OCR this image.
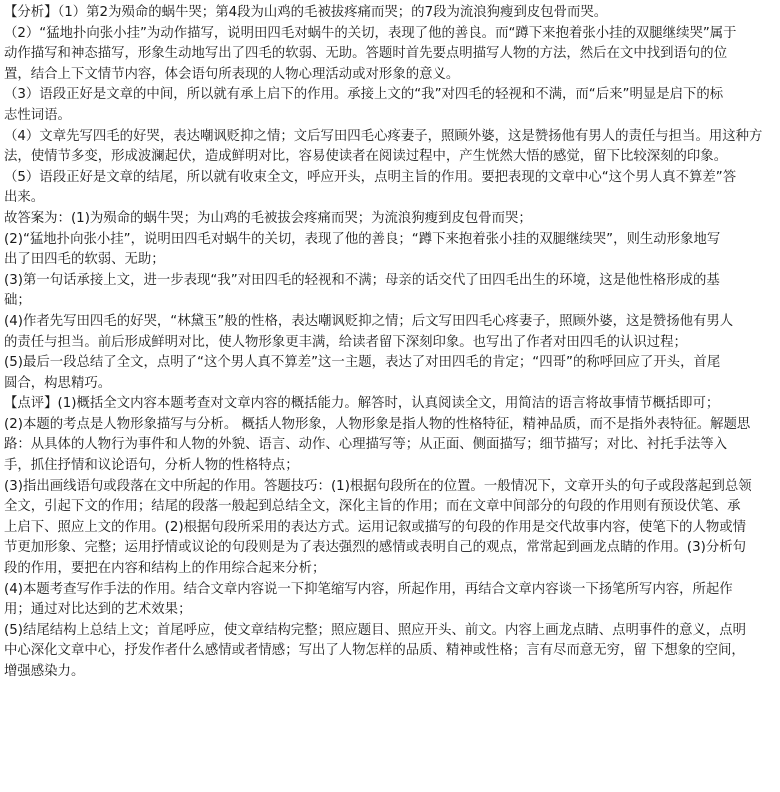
【分析】（1）第2为殒命的蜗牛哭；第4段为山鸡的毛被拔疼痛而哭；的7段为流浪狗瘦到皮包骨而哭。
（2）“猛地扑向张小挂”为动作描写，说明田四毛对蜗牛的关切，表现了他的善良。而“蹲下来抱着张小挂的双腿继续哭”属于
动作描写和神态描写，形象生动地写出了四毛的软弱、无助。答题时首先要点明描写人物的方法，然后在文中找到语句的位
置，结合上下文情节内容，体会语句所表现的人物心理活动或对形象的意义。
（3）语段正好是文章的中间，所以就有承上启下的作用。承接上文的“我”对四毛的轻视和不满，而“后来”明显是启下的标
志性词语。
（4）文章先写四毛的好哭，表达嘲讽贬抑之情；文后写田四毛心疼妻子，照顾外婆，这是赞扬他有男人的责任与担当。用这种方
法，使情节多变，形成波澜起伏，造成鲜明对比，容易使读者在阅读过程中，产生恍然大悟的感觉，留下比较深刻的印象。
（5）语段正好是文章的结尾，所以就有收束全文，呼应开头，点明主旨的作用。要把表现的文章中心“这个男人真不算差”答
出来。
故答案为：(1)为殒命的蜗牛哭；为山鸡的毛被拔会疼痛而哭；为流浪狗瘦到皮包骨而哭；
(2)“猛地扑向张小挂”，说明田四毛对蜗牛的关切，表现了他的善良；“蹲下来抱着张小挂的双腿继续哭”，则生动形象地写
出了田四毛的软弱、无助；
(3)第一句话承接上文，进一步表现“我”对田四毛的轻视和不满；母亲的话交代了田四毛出生的环境，这是他性格形成的基
础；
(4)作者先写田四毛的好哭，“林黛玉”般的性格，表达嘲讽贬抑之情；后文写田四毛心疼妻子，照顾外婆，这是赞扬他有男人
的责任与担当。前后形成鲜明对比，使人物形象更丰满，给读者留下深刻印象。也写出了作者对田四毛的认识过程；
(5)最后一段总结了全文，点明了“这个男人真不算差”这一主题，表达了对田四毛的肯定；“四哥”的称呼回应了开头，首尾
圆合，构思精巧。
【点评】(1)概括全文内容本题考查对文章内容的概括能力。解答时，认真阅读全文，用简洁的语言将故事情节概括即可；
(2)本题的考点是人物形象描写与分析。 概括人物形象，人物形象是指人物的性格特征，精神品质，而不是指外表特征。解题思
路：从具体的人物行为事件和人物的外貌、语言、动作、心理描写等；从正面、侧面描写；细节描写；对比、衬托手法等入
手，抓住抒情和议论语句，分析人物的性格特点；
(3)指出画线语句或段落在文中所起的作用。答题技巧：(1)根据句段所在的位置。一般情况下，文章开头的句子或段落起到总领
全文，引起下文的作用；结尾的段落一般起到总结全文，深化主旨的作用；而在文章中间部分的句段的作用则有预设伏笔、承
上启下、照应上文的作用。(2)根据句段所采用的表达方式。运用记叙或描写的句段的作用是交代故事内容，使笔下的人物或情
节更加形象、完整；运用抒情或议论的句段则是为了表达强烈的感情或表明自己的观点，常常起到画龙点睛的作用。(3)分析句
段的作用，要把在内容和结构上的作用综合起来分析；
(4)本题考查写作手法的作用。结合文章内容说一下抑笔缩写内容，所起作用，再结合文章内容谈一下扬笔所写内容，所起作
用；通过对比达到的艺术效果；
(5)结尾结构上总结上文；首尾呼应，使文章结构完整；照应题目、照应开头、前文。内容上画龙点睛、点明事件的意义，点明
中心深化文章中心，抒发作者什么感情或者情感；写出了人物怎样的品质、精神或性格；言有尽而意无穷，留 下想象的空间，
增强感染力。
